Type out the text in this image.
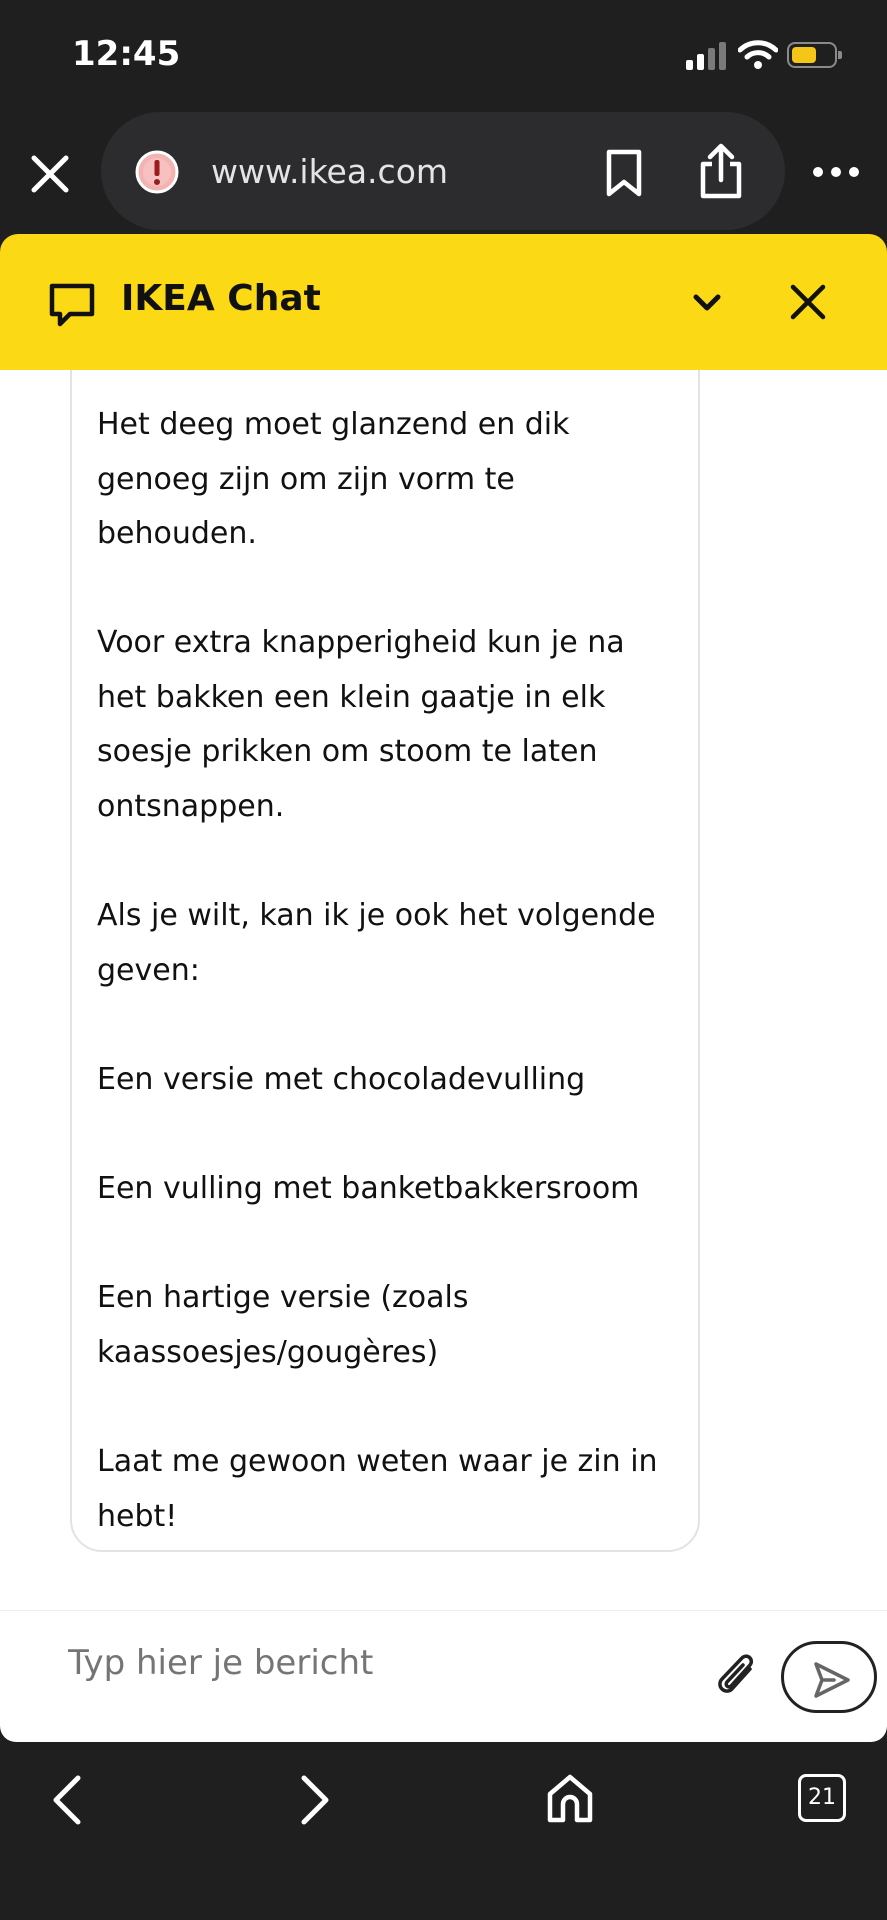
12:45
www.ikea.com
IKEA Chat

Het deeg moet glanzend en dik genoeg zijn om zijn vorm te behouden.

Voor extra knapperigheid kun je na het bakken een klein gaatje in elk soesje prikken om stoom te laten ontsnappen.

Als je wilt, kan ik je ook het volgende geven:

Een versie met chocoladevulling

Een vulling met banketbakkersroom

Een hartige versie (zoals kaassoesjes/gougères)

Laat me gewoon weten waar je zin in hebt!

Typ hier je bericht
21
